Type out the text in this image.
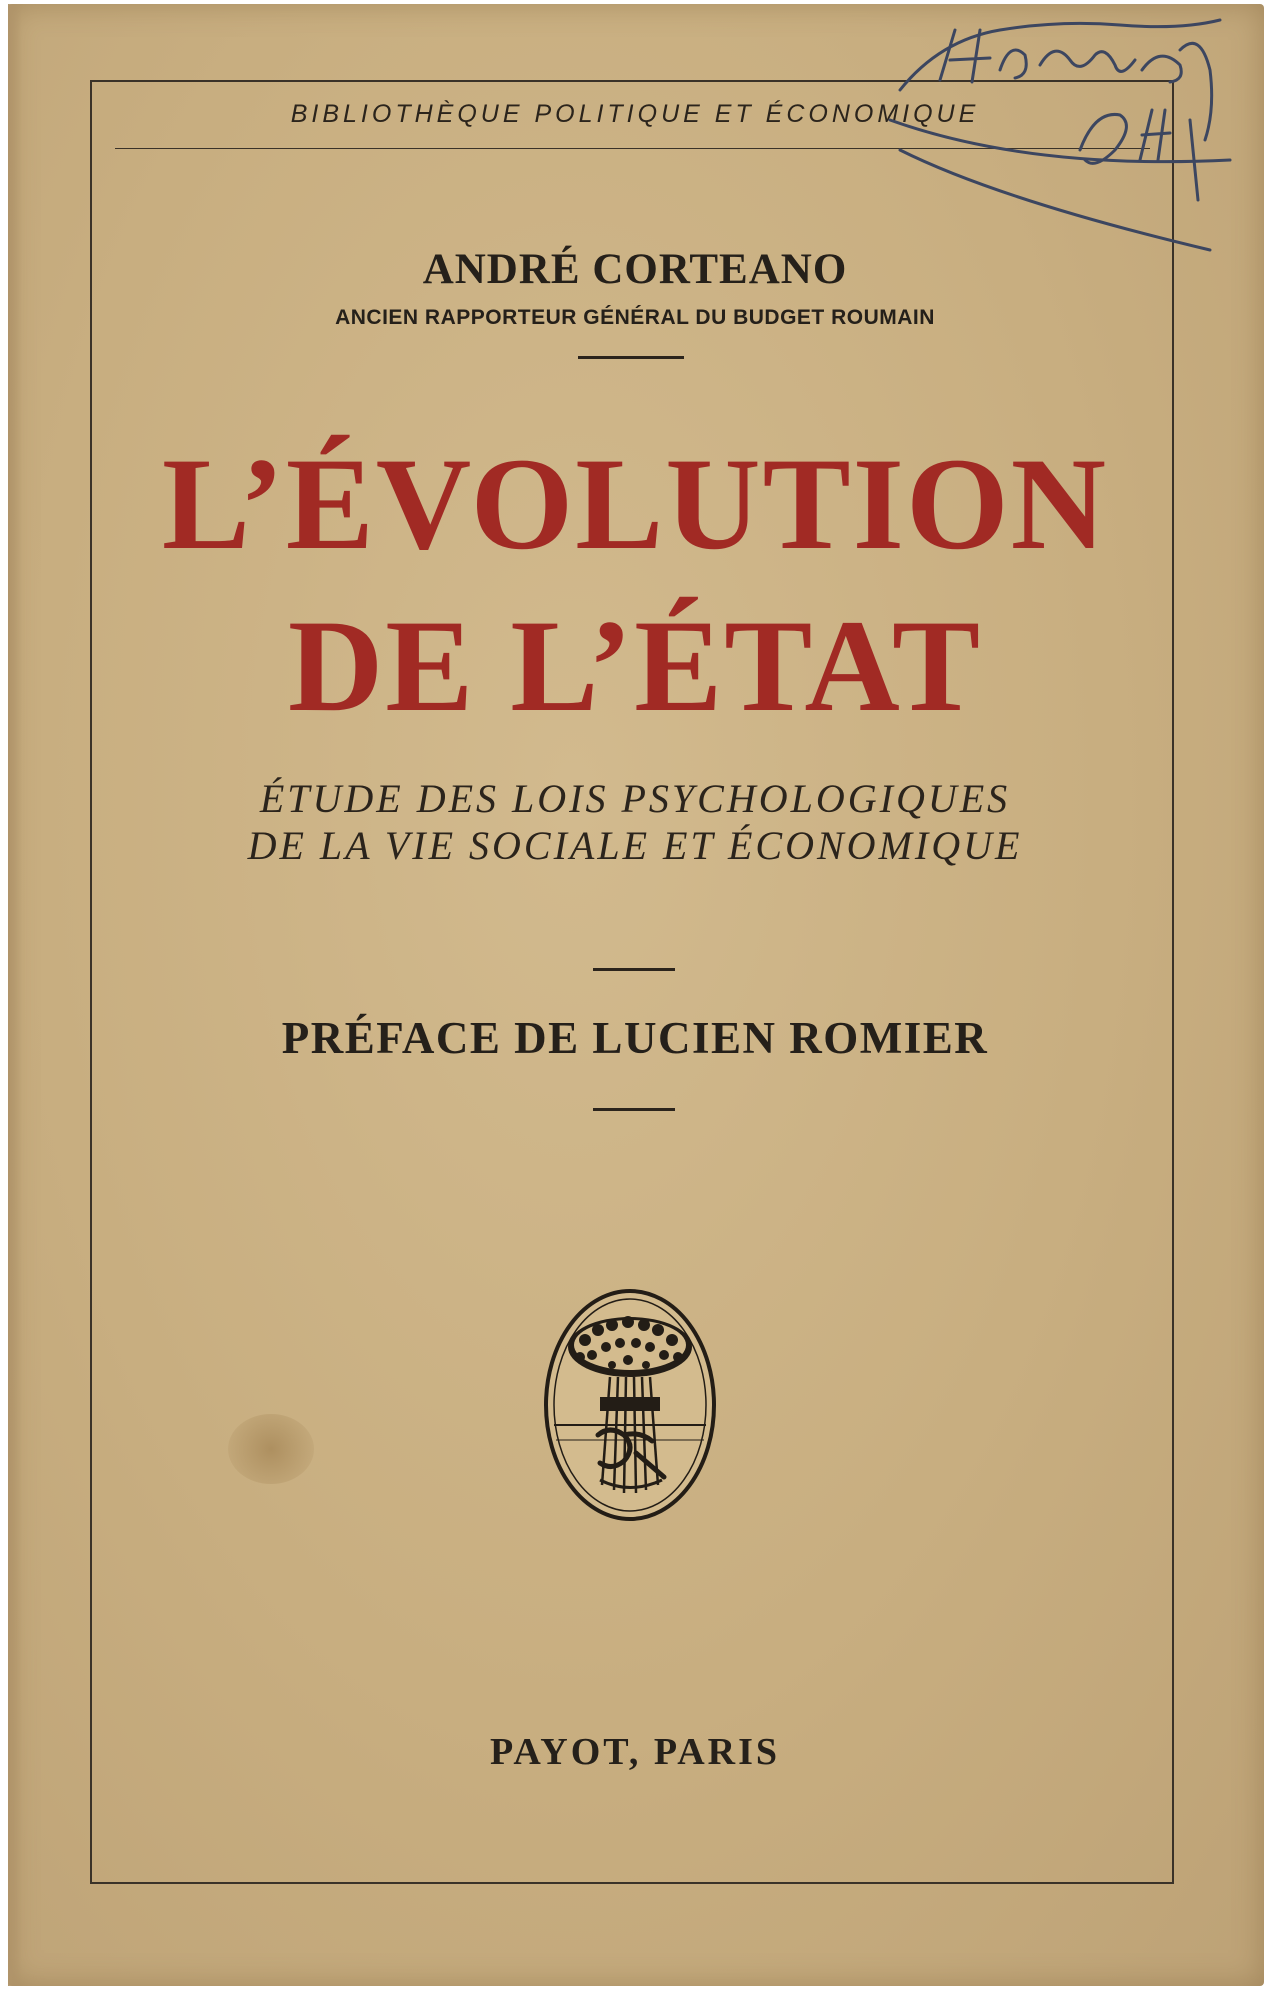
BIBLIOTHÈQUE POLITIQUE ET ÉCONOMIQUE
ANDRÉ CORTEANO
ANCIEN RAPPORTEUR GÉNÉRAL DU BUDGET ROUMAIN
L’ÉVOLUTION
DE L’ÉTAT
ÉTUDE DES LOIS PSYCHOLOGIQUES
DE LA VIE SOCIALE ET ÉCONOMIQUE
PRÉFACE DE LUCIEN ROMIER
PAYOT, PARIS
